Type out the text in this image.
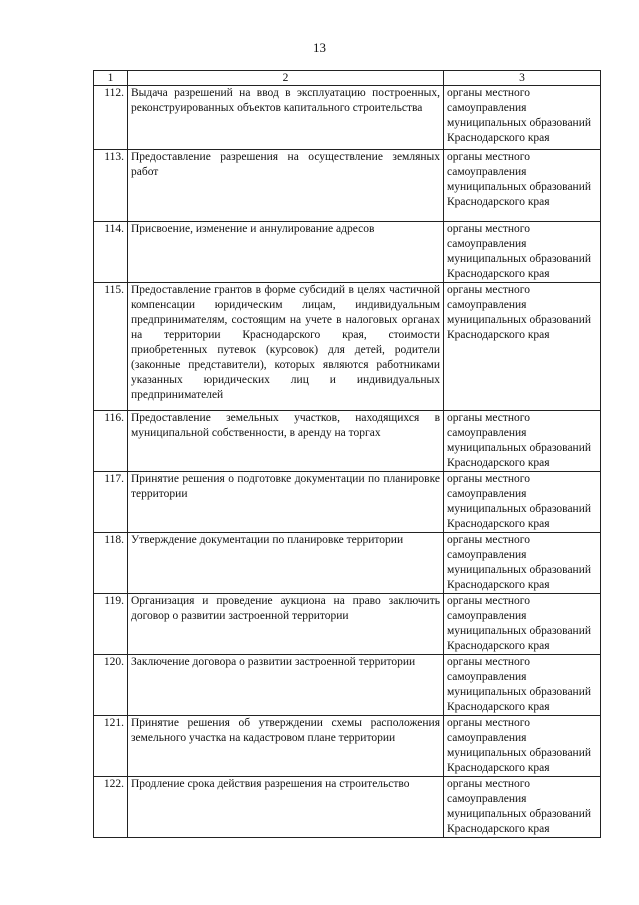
13
1	2	3
112.	Выдача разрешений на ввод в эксплуатацию построенных, реконструированных объектов капитального строительства	органы местного самоуправления муниципальных образований Краснодарского края
113.	Предоставление разрешения на осуществление земляных работ	органы местного самоуправления муниципальных образований Краснодарского края
114.	Присвоение, изменение и аннулирование адресов	органы местного самоуправления муниципальных образований Краснодарского края
115.	Предоставление грантов в форме субсидий в целях частичной компенсации юридическим лицам, индивидуальным предпринимателям, состоящим на учете в налоговых органах на территории Краснодарского края, стоимости приобретенных путевок (курсовок) для детей, родители (законные представители), которых являются работниками указанных юридических лиц и индивидуальных предпринимателей	органы местного самоуправления муниципальных образований Краснодарского края
116.	Предоставление земельных участков, находящихся в муниципальной собственности, в аренду на торгах	органы местного самоуправления муниципальных образований Краснодарского края
117.	Принятие решения о подготовке документации по планировке территории	органы местного самоуправления муниципальных образований Краснодарского края
118.	Утверждение документации по планировке территории	органы местного самоуправления муниципальных образований Краснодарского края
119.	Организация и проведение аукциона на право заключить договор о развитии застроенной территории	органы местного самоуправления муниципальных образований Краснодарского края
120.	Заключение договора о развитии застроенной территории	органы местного самоуправления муниципальных образований Краснодарского края
121.	Принятие решения об утверждении схемы расположения земельного участка на кадастровом плане территории	органы местного самоуправления муниципальных образований Краснодарского края
122.	Продление срока действия разрешения на строительство	органы местного самоуправления муниципальных образований Краснодарского края
